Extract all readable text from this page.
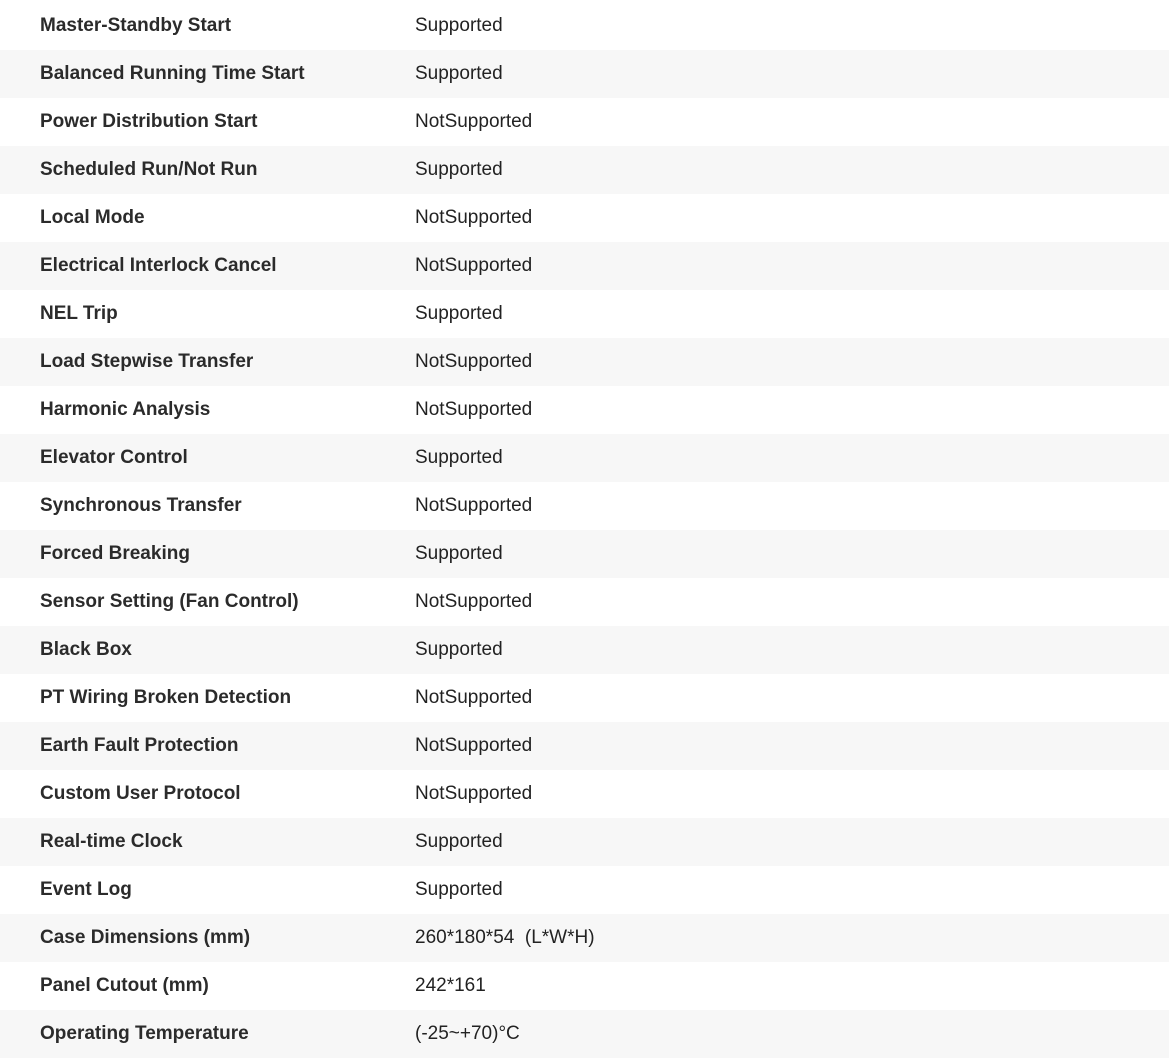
Master-Standby Start	Supported
Balanced Running Time Start	Supported
Power Distribution Start	NotSupported
Scheduled Run/Not Run	Supported
Local Mode	NotSupported
Electrical Interlock Cancel	NotSupported
NEL Trip	Supported
Load Stepwise Transfer	NotSupported
Harmonic Analysis	NotSupported
Elevator Control	Supported
Synchronous Transfer	NotSupported
Forced Breaking	Supported
Sensor Setting (Fan Control)	NotSupported
Black Box	Supported
PT Wiring Broken Detection	NotSupported
Earth Fault Protection	NotSupported
Custom User Protocol	NotSupported
Real-time Clock	Supported
Event Log	Supported
Case Dimensions (mm)	260*180*54  (L*W*H)
Panel Cutout (mm)	242*161
Operating Temperature	(-25~+70)°C
